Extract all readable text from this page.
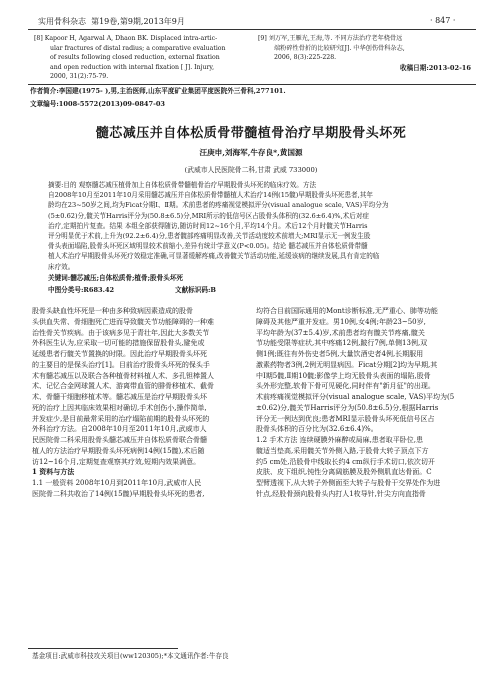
实用骨科杂志 第19卷,第9期,2013年9月	· 847 ·
[8] Kapoor H, Agarwal A, Dhaon BK. Displaced intra-artic-
ular fractures of distal radius; a comparative evaluation
of results following closed reduction, external fixation
and open reduction with internal fixation [ J]. Injury,
2000, 31(2):75-79.
[9] 刘万军,王雁光,王海,等. 不同方法治疗老年桡骨远
端粉碎性骨折的比较研究[J]. 中华创伤骨科杂志,
2006, 8(3):225-228.
收稿日期:2013-02-16
作者简介:李国建(1975- ),男,主治医师,山东平度矿业集团平度医院外三骨科,277101.
文章编号:1008-5572(2013)09-0847-03
髓芯减压并自体松质骨带髓植骨治疗早期股骨头坏死
汪庚申,刘海军,牛存良*,黄国源
(武威市人民医院骨二科,甘肃 武威 733000)
摘要:目的 观察髓芯减压植骨加上自体松质骨带髓植骨治疗早期股骨头坏死的临床疗效。方法
自2008年10月至2011年10月采用髓芯减压并自体松质骨带髓植人术治疗14例(15髋)早期股骨头坏死患者,其年
龄均在23~50岁之间,均为Ficat分期Ⅰ、Ⅱ期。术前患者的疼痛视觉模拟评分(visual analogue scale, VAS)平均分为
(5±0.62)分,髋关节Harris评分为(50.8±6.5)分,MRI所示的低信号区占股骨头体积的(32.6±6.4)%,术后对症
治疗,定期拍片复查。结果 本组全部获得随访,随访时间12~16个月,平均14个月。术后12个月时髋关节Harris
评分明显优于术前,上升为(92.2±6.4)分,患者髋部疼痛明显改善,关节活动度较术前增大;MRI显示无一例发生股
骨头表面塌陷,股骨头坏死区域明显较术前缩小,差异有统计学意义(P<0.05)。结论 髓芯减压并自体松质骨带髓
植人术治疗早期股骨头坏死疗效稳定准确,可显著缓解疼痛,改善髋关节活动功能,延缓该病的继续发展,具有肯定的临
床疗效。
关键词:髓芯减压;自体松质骨;植骨;股骨头坏死
中图分类号:R683.42	文献标识码:B
股骨头缺血性坏死是一种由多种致病因素造成的股骨
头供血失常、骨细胞死亡进而导致髋关节功能障碍的一种难
治性骨关节疾病。由于该病多见于青壮年,因此大多数关节
外科医生认为,应采取一切可能的措施保留股骨头,避免或
延缓患者行髋关节置换的时限。因此治疗早期股骨头坏死
的主要目的是保头治疗[1]。目前治疗股骨头坏死的保头手
术有髓芯减压以及联合各种植骨材料植人术、多孔钽棒置人
术、记忆合金网球置人术、游离带血管的腓骨移植术、截骨
术、骨髓干细胞移植术等。髓芯减压是治疗早期股骨头坏
死的治疗上因其临床效果相对确切,手术创伤小,操作简单,
并发症少,是目前最常采用的治疗塌陷前期的股骨头坏死的
外科治疗方法。自2008年10月至2011年10月,武威市人
民医院骨二科采用股骨头髓芯减压并自体松质骨联合骨髓
植人的方法治疗早期股骨头坏死病例14例(15髋),术后随
访12~16个月,定期复查观察其疗效,短期内效果满意。
1 资料与方法
1.1 一般资料 2008年10月到2011年10月,武威市人民
医院骨二科共收治了14例(15髋)早期股骨头坏死的患者,
均符合目前国际通用的Mont诊断标准,无严重心、肺等功能
障碍及其他严重并发症。男10例,女4例;年龄23~50岁,
平均年龄为(37±5.4)岁,术前患者均有髋关节疼痛,髋关
节功能受限等症状,其中疼痛12例,跛行7例,单侧13例,双
侧1例;既往有外伤史者5例,大量饮酒史者4例,长期服用
激素药物者3例,2例无明显病因。Ficat分期[2]均为早期,其
中Ⅰ期5髋,Ⅱ期10髋;影像学上均无股骨头表面的塌陷,股骨
头外形完整,软骨下骨可见硬化,同时伴有"新月征"的出现。
术前疼痛视觉模拟评分(visual analogue scale, VAS)平均为(5
±0.62)分,髋关节Harris评分为(50.8±6.5)分,根据Harris
评分无一例达到优良;患者MRI显示股骨头坏死低信号区占
股骨头体积的百分比为(32.6±6.4)%。
1.2 手术方法 连续硬膜外麻醉或局麻,患者取平卧位,患
髋适当垫高,采用髋关节外侧入路,于股骨大转子顶点下方
约5 cm处,沿股骨中线取长约4 cm纵行手术切口,依次切开
皮肤、皮下组织,钝性分离阔筋膜及股外侧肌直达骨面。C
型臂透视下,从大转子外侧面至大转子与股骨干交界处作为进
针点,经股骨颈向股骨头内打人1枚导针,针尖方向直指骨
基金项目:武威市科技攻关项目(ww120305);*本文通讯作者:牛存良
